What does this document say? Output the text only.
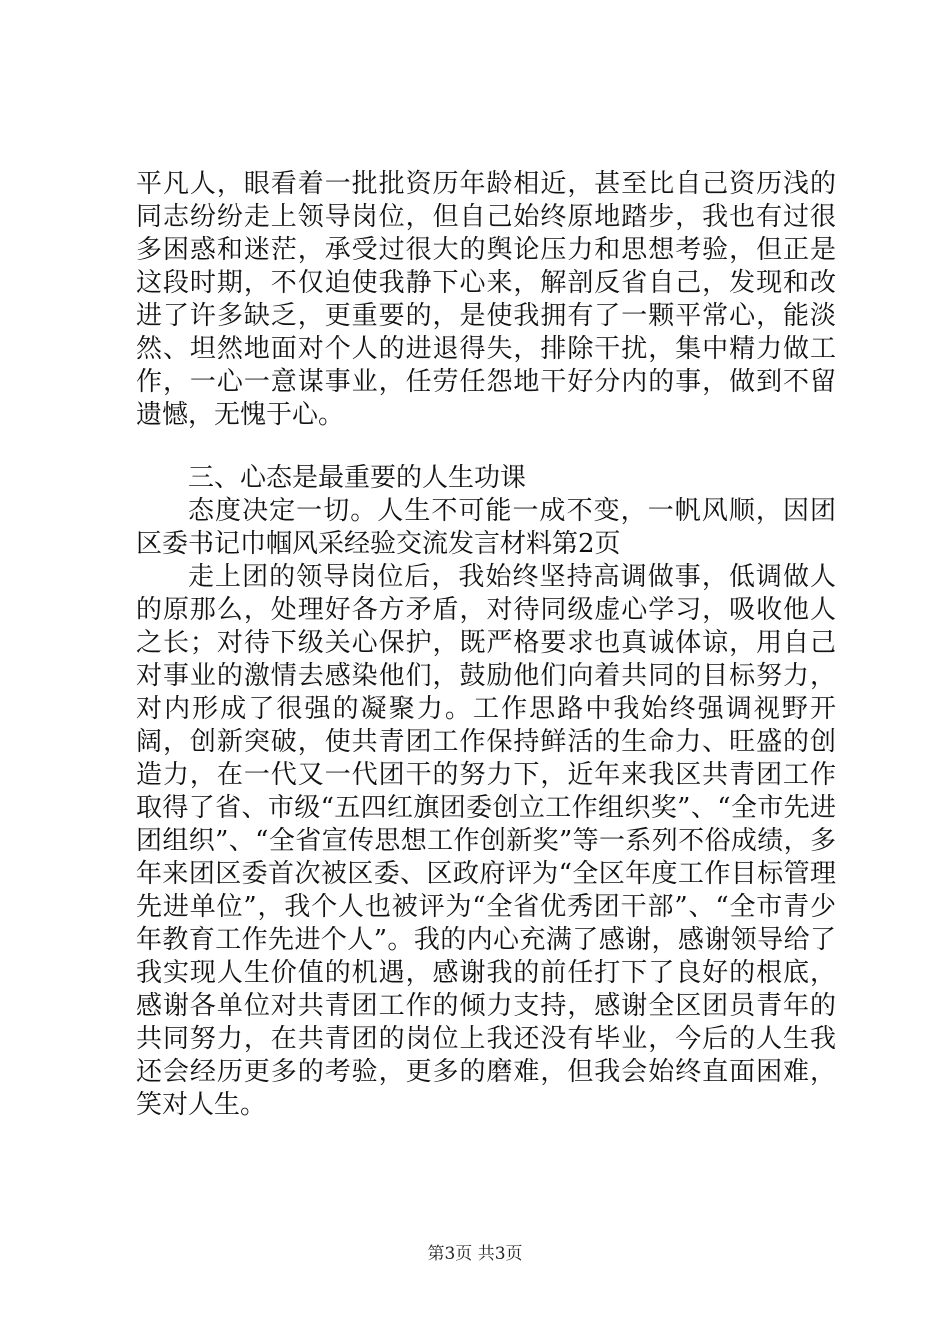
平凡人，眼看着一批批资历年龄相近，甚至比自己资历浅的同志纷纷走上领导岗位，但自己始终原地踏步，我也有过很多困惑和迷茫，承受过很大的舆论压力和思想考验，但正是这段时期，不仅迫使我静下心来，解剖反省自己，发现和改进了许多缺乏，更重要的，是使我拥有了一颗平常心，能淡然、坦然地面对个人的进退得失，排除干扰，集中精力做工作，一心一意谋事业，任劳任怨地干好分内的事，做到不留遗憾，无愧于心。

三、心态是最重要的人生功课

态度决定一切。人生不可能一成不变，一帆风顺，因团区委书记巾帼风采经验交流发言材料第2页

走上团的领导岗位后，我始终坚持高调做事，低调做人的原那么，处理好各方矛盾，对待同级虚心学习，吸收他人之长；对待下级关心保护，既严格要求也真诚体谅，用自己对事业的激情去感染他们，鼓励他们向着共同的目标努力，对内形成了很强的凝聚力。工作思路中我始终强调视野开阔，创新突破，使共青团工作保持鲜活的生命力、旺盛的创造力，在一代又一代团干的努力下，近年来我区共青团工作取得了省、市级“五四红旗团委创立工作组织奖”、“全市先进团组织”、“全省宣传思想工作创新奖”等一系列不俗成绩，多年来团区委首次被区委、区政府评为“全区年度工作目标管理先进单位”，我个人也被评为“全省优秀团干部”、“全市青少年教育工作先进个人”。我的内心充满了感谢，感谢领导给了我实现人生价值的机遇，感谢我的前任打下了良好的根底，感谢各单位对共青团工作的倾力支持，感谢全区团员青年的共同努力，在共青团的岗位上我还没有毕业，今后的人生我还会经历更多的考验，更多的磨难，但我会始终直面困难，笑对人生。

第3页 共3页
